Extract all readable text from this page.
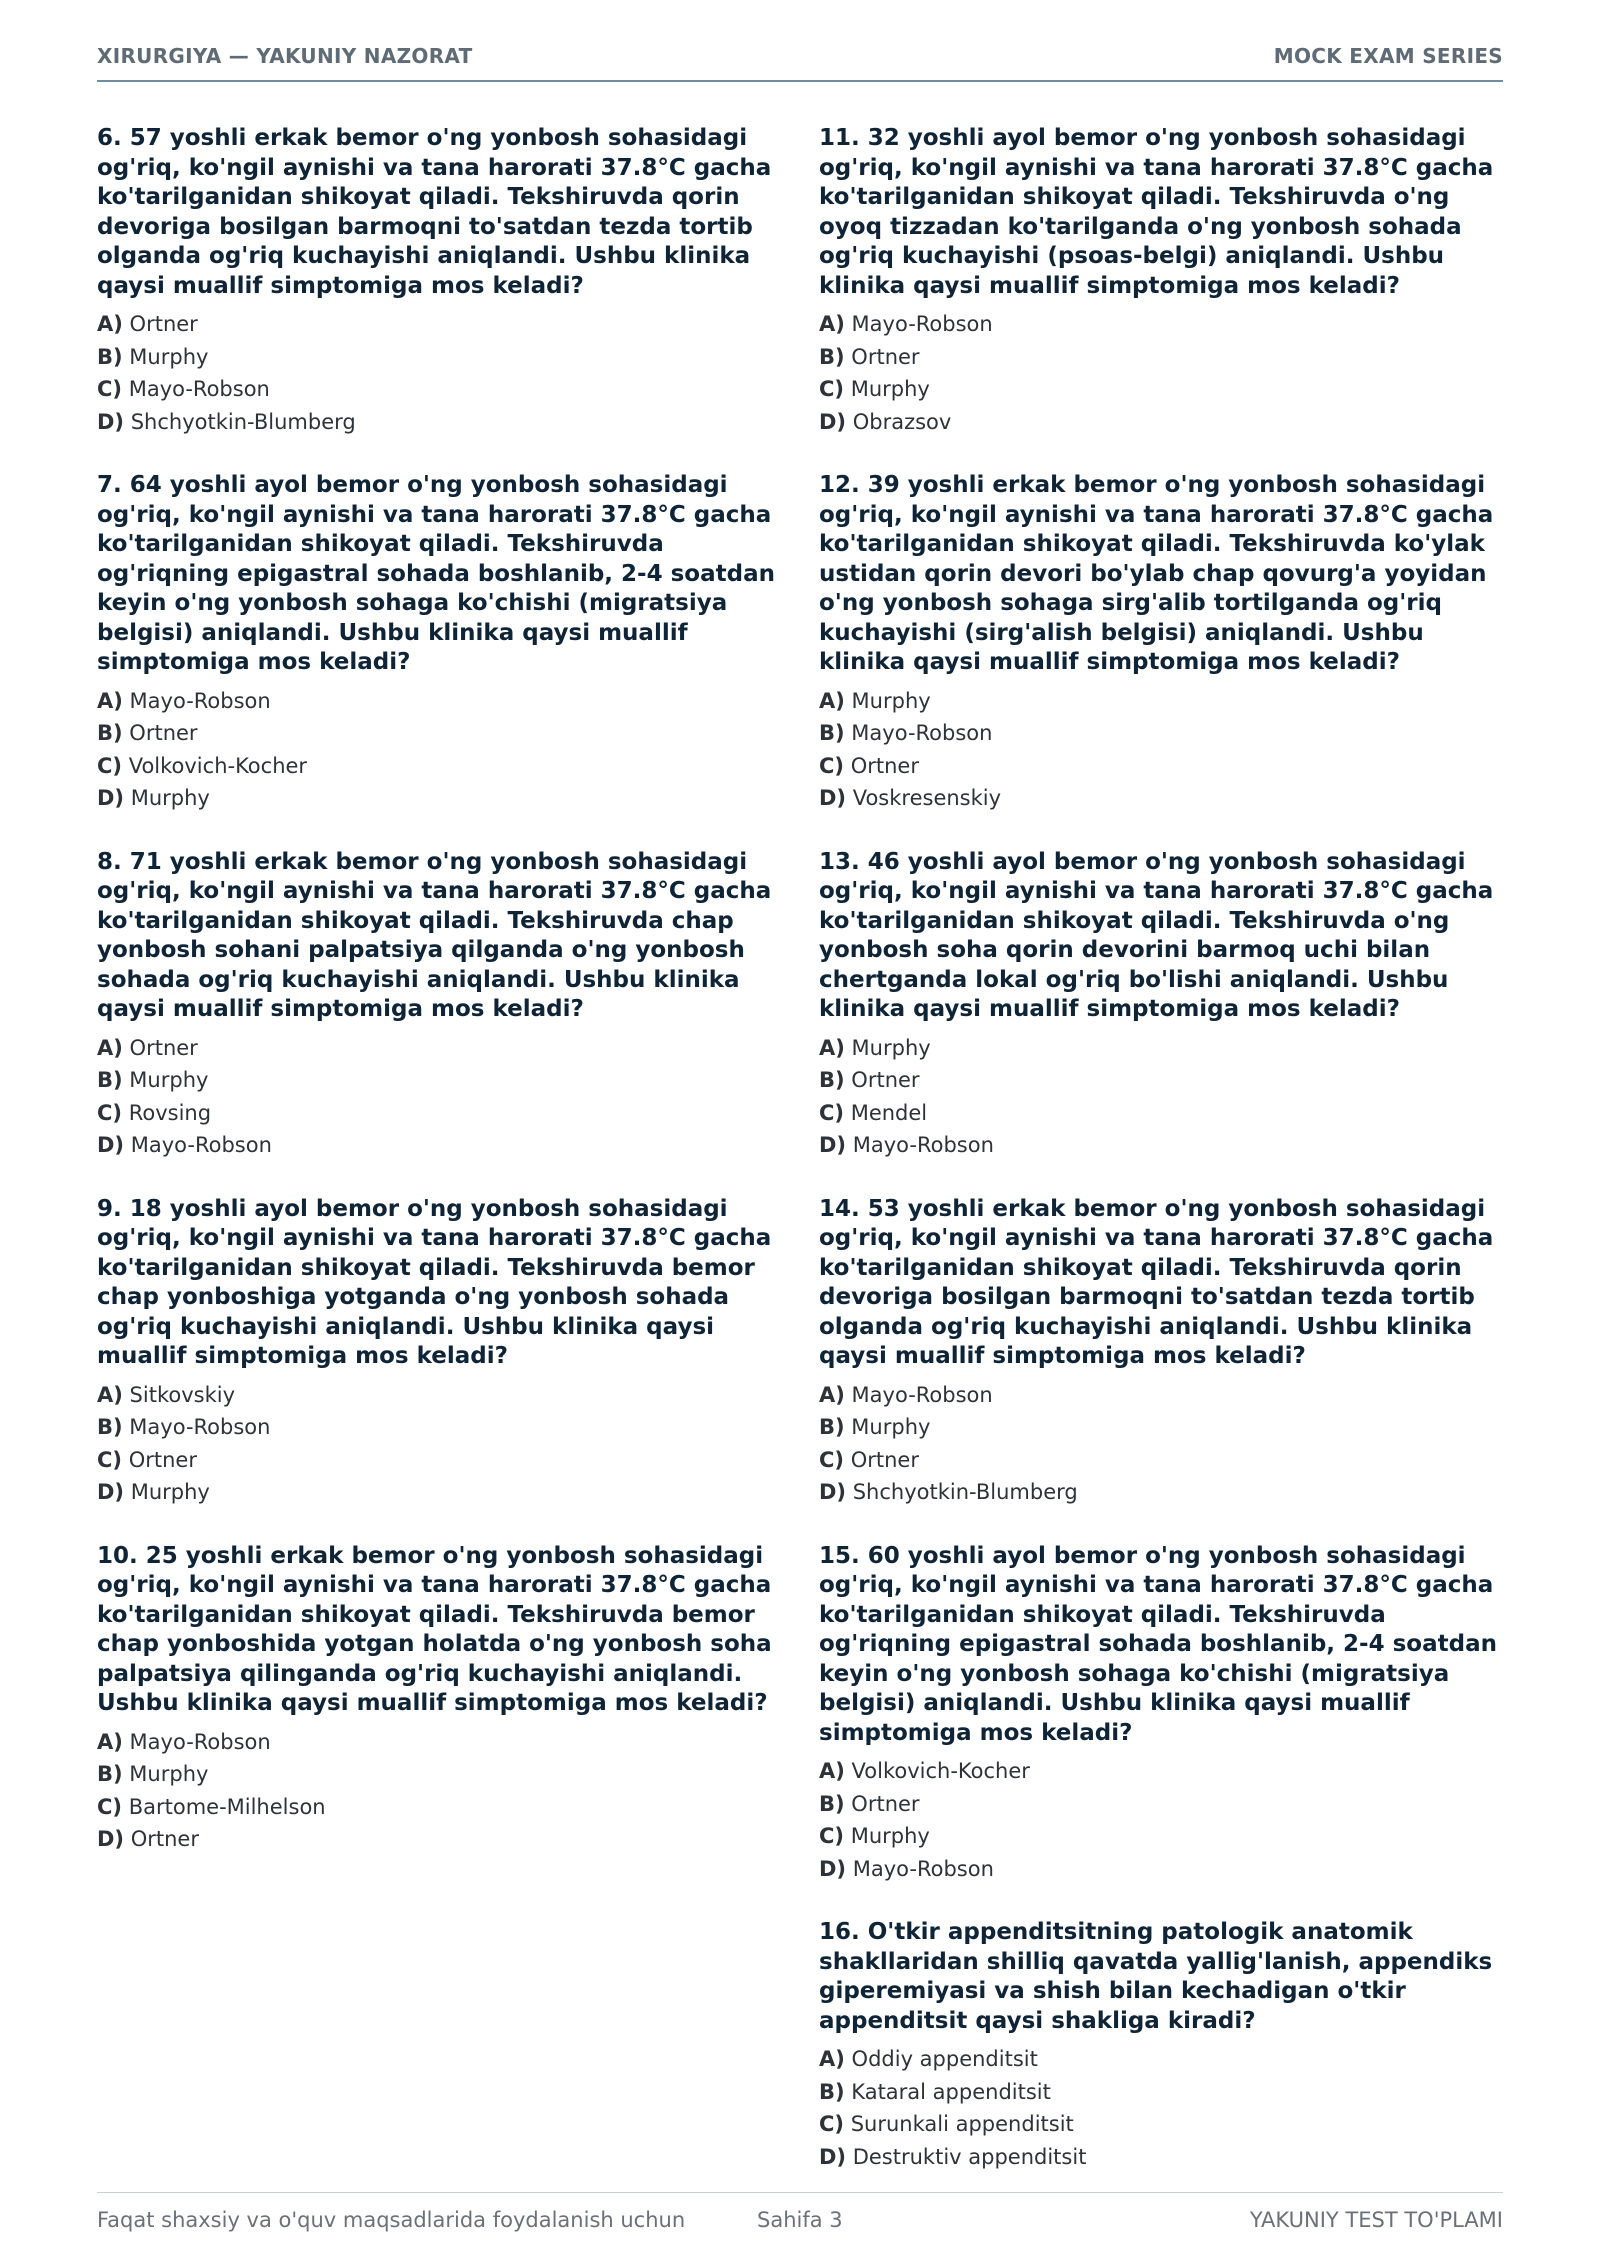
XIRURGIYA — YAKUNIY NAZORAT	MOCK EXAM SERIES

6. 57 yoshli erkak bemor o'ng yonbosh sohasidagi og'riq, ko'ngil aynishi va tana harorati 37.8°C gacha ko'tarilganidan shikoyat qiladi. Tekshiruvda qorin devoriga bosilgan barmoqni to'satdan tezda tortib olganda og'riq kuchayishi aniqlandi. Ushbu klinika qaysi muallif simptomiga mos keladi?

A) Ortner
B) Murphy
C) Mayo-Robson
D) Shchyotkin-Blumberg

7. 64 yoshli ayol bemor o'ng yonbosh sohasidagi og'riq, ko'ngil aynishi va tana harorati 37.8°C gacha ko'tarilganidan shikoyat qiladi. Tekshiruvda og'riqning epigastral sohada boshlanib, 2-4 soatdan keyin o'ng yonbosh sohaga ko'chishi (migratsiya belgisi) aniqlandi. Ushbu klinika qaysi muallif simptomiga mos keladi?

A) Mayo-Robson
B) Ortner
C) Volkovich-Kocher
D) Murphy

8. 71 yoshli erkak bemor o'ng yonbosh sohasidagi og'riq, ko'ngil aynishi va tana harorati 37.8°C gacha ko'tarilganidan shikoyat qiladi. Tekshiruvda chap yonbosh sohani palpatsiya qilganda o'ng yonbosh sohada og'riq kuchayishi aniqlandi. Ushbu klinika qaysi muallif simptomiga mos keladi?

A) Ortner
B) Murphy
C) Rovsing
D) Mayo-Robson

9. 18 yoshli ayol bemor o'ng yonbosh sohasidagi og'riq, ko'ngil aynishi va tana harorati 37.8°C gacha ko'tarilganidan shikoyat qiladi. Tekshiruvda bemor chap yonboshiga yotganda o'ng yonbosh sohada og'riq kuchayishi aniqlandi. Ushbu klinika qaysi muallif simptomiga mos keladi?

A) Sitkovskiy
B) Mayo-Robson
C) Ortner
D) Murphy

10. 25 yoshli erkak bemor o'ng yonbosh sohasidagi og'riq, ko'ngil aynishi va tana harorati 37.8°C gacha ko'tarilganidan shikoyat qiladi. Tekshiruvda bemor chap yonboshida yotgan holatda o'ng yonbosh soha palpatsiya qilinganda og'riq kuchayishi aniqlandi. Ushbu klinika qaysi muallif simptomiga mos keladi?

A) Mayo-Robson
B) Murphy
C) Bartome-Milhelson
D) Ortner

11. 32 yoshli ayol bemor o'ng yonbosh sohasidagi og'riq, ko'ngil aynishi va tana harorati 37.8°C gacha ko'tarilganidan shikoyat qiladi. Tekshiruvda o'ng oyoq tizzadan ko'tarilganda o'ng yonbosh sohada og'riq kuchayishi (psoas-belgi) aniqlandi. Ushbu klinika qaysi muallif simptomiga mos keladi?

A) Mayo-Robson
B) Ortner
C) Murphy
D) Obrazsov

12. 39 yoshli erkak bemor o'ng yonbosh sohasidagi og'riq, ko'ngil aynishi va tana harorati 37.8°C gacha ko'tarilganidan shikoyat qiladi. Tekshiruvda ko'ylak ustidan qorin devori bo'ylab chap qovurg'a yoyidan o'ng yonbosh sohaga sirg'alib tortilganda og'riq kuchayishi (sirg'alish belgisi) aniqlandi. Ushbu klinika qaysi muallif simptomiga mos keladi?

A) Murphy
B) Mayo-Robson
C) Ortner
D) Voskresenskiy

13. 46 yoshli ayol bemor o'ng yonbosh sohasidagi og'riq, ko'ngil aynishi va tana harorati 37.8°C gacha ko'tarilganidan shikoyat qiladi. Tekshiruvda o'ng yonbosh soha qorin devorini barmoq uchi bilan chertganda lokal og'riq bo'lishi aniqlandi. Ushbu klinika qaysi muallif simptomiga mos keladi?

A) Murphy
B) Ortner
C) Mendel
D) Mayo-Robson

14. 53 yoshli erkak bemor o'ng yonbosh sohasidagi og'riq, ko'ngil aynishi va tana harorati 37.8°C gacha ko'tarilganidan shikoyat qiladi. Tekshiruvda qorin devoriga bosilgan barmoqni to'satdan tezda tortib olganda og'riq kuchayishi aniqlandi. Ushbu klinika qaysi muallif simptomiga mos keladi?

A) Mayo-Robson
B) Murphy
C) Ortner
D) Shchyotkin-Blumberg

15. 60 yoshli ayol bemor o'ng yonbosh sohasidagi og'riq, ko'ngil aynishi va tana harorati 37.8°C gacha ko'tarilganidan shikoyat qiladi. Tekshiruvda og'riqning epigastral sohada boshlanib, 2-4 soatdan keyin o'ng yonbosh sohaga ko'chishi (migratsiya belgisi) aniqlandi. Ushbu klinika qaysi muallif simptomiga mos keladi?

A) Volkovich-Kocher
B) Ortner
C) Murphy
D) Mayo-Robson

16. O'tkir appenditsitning patologik anatomik shakllaridan shilliq qavatda yallig'lanish, appendiks giperemiyasi va shish bilan kechadigan o'tkir appenditsit qaysi shakliga kiradi?

A) Oddiy appenditsit
B) Kataral appenditsit
C) Surunkali appenditsit
D) Destruktiv appenditsit
Faqat shaxsiy va o'quv maqsadlarida foydalanish uchun	Sahifa 3	YAKUNIY TEST TO'PLAMI
